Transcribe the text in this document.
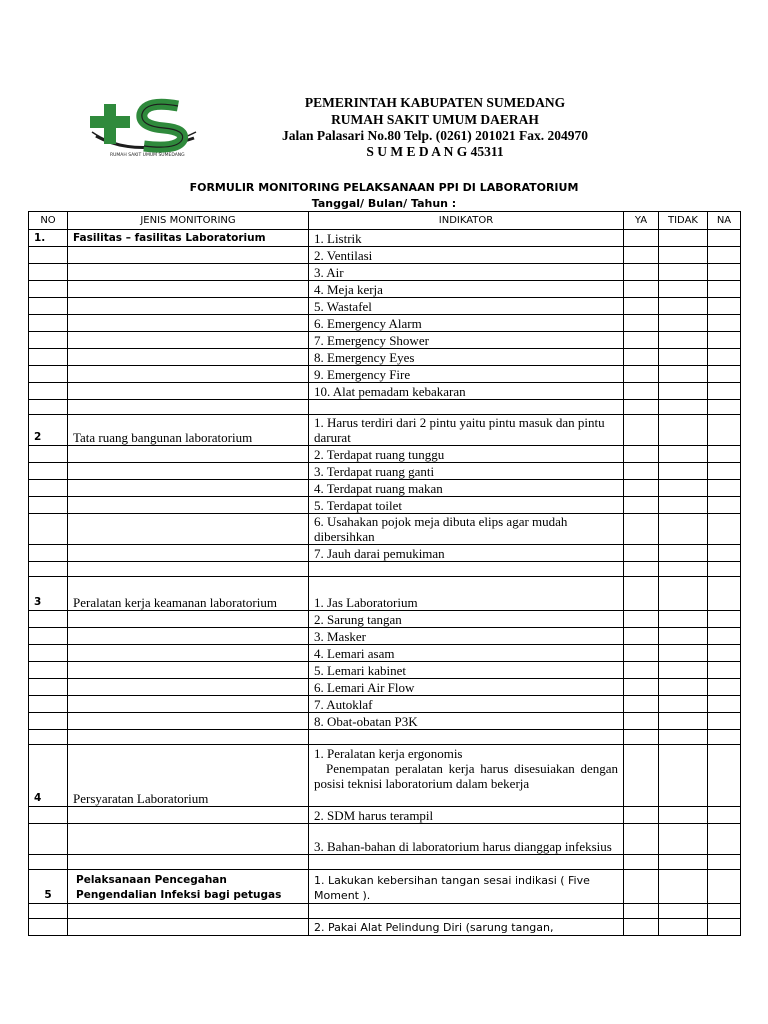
RUMAH SAKIT UMUM SUMEDANG
PEMERINTAH KABUPATEN SUMEDANG
RUMAH SAKIT UMUM DAERAH
Jalan Palasari No.80 Telp. (0261) 201021 Fax. 204970
S U M E D A N G 45311
FORMULIR MONITORING PELAKSANAAN PPI DI LABORATORIUM
Tanggal/ Bulan/ Tahun :
NO	JENIS MONITORING	INDIKATOR	YA	TIDAK	NA
1.	Fasilitas – fasilitas Laboratorium	1. Listrik			
		2. Ventilasi			
		3. Air			
		4. Meja kerja			
		5. Wastafel			
		6. Emergency Alarm			
		7. Emergency Shower			
		8. Emergency Eyes			
		9. Emergency Fire			
		10. Alat pemadam kebakaran			

2	Tata ruang bangunan laboratorium	1. Harus terdiri dari 2 pintu yaitu pintu masuk dan pintu darurat			
		2. Terdapat ruang tunggu			
		3. Terdapat ruang ganti			
		4. Terdapat ruang makan			
		5. Terdapat toilet			
		6. Usahakan pojok meja dibuta elips agar mudah dibersihkan			
		7. Jauh darai pemukiman			

3	Peralatan kerja keamanan laboratorium	1. Jas Laboratorium			
		2. Sarung tangan			
		3. Masker			
		4. Lemari asam			
		5. Lemari kabinet			
		6. Lemari Air Flow			
		7. Autoklaf			
		8. Obat-obatan P3K			

4	Persyaratan Laboratorium	1. Peralatan kerja ergonomis
Penempatan peralatan kerja harus disesuiakan dengan posisi teknisi laboratorium dalam bekerja			

		2. SDM harus terampil			
		3. Bahan-bahan di laboratorium harus dianggap infeksius			

5	Pelaksanaan Pencegahan Pengendalian Infeksi bagi petugas	1. Lakukan kebersihan tangan sesai indikasi ( Five Moment ).			

		2. Pakai Alat Pelindung Diri (sarung tangan,			
